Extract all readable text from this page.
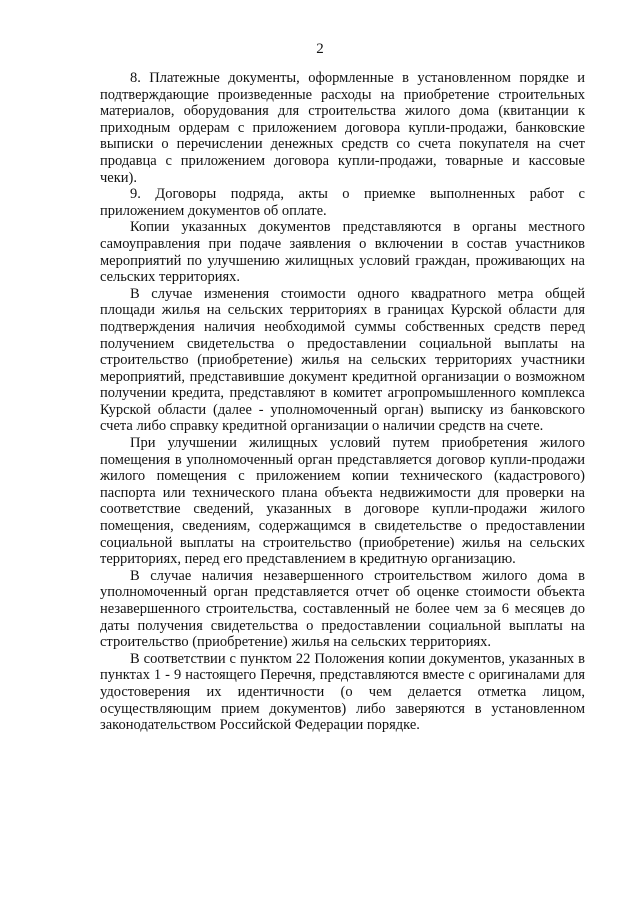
2

8. Платежные документы, оформленные в установленном порядке и подтверждающие произведенные расходы на приобретение строительных материалов, оборудования для строительства жилого дома (квитанции к приходным ордерам с приложением договора купли-продажи, банковские выписки о перечислении денежных средств со счета покупателя на счет продавца с приложением договора купли-продажи, товарные и кассовые чеки).

9. Договоры подряда, акты о приемке выполненных работ с приложением документов об оплате.

Копии указанных документов представляются в органы местного самоуправления при подаче заявления о включении в состав участников мероприятий по улучшению жилищных условий граждан, проживающих на сельских территориях.

В случае изменения стоимости одного квадратного метра общей площади жилья на сельских территориях в границах Курской области для подтверждения наличия необходимой суммы собственных средств перед получением свидетельства о предоставлении социальной выплаты на строительство (приобретение) жилья на сельских территориях участники мероприятий, представившие документ кредитной организации о возможном получении кредита, представляют в комитет агропромышленного комплекса Курской области (далее - уполномоченный орган) выписку из банковского счета либо справку кредитной организации о наличии средств на счете.

При улучшении жилищных условий путем приобретения жилого помещения в уполномоченный орган представляется договор купли-продажи жилого помещения с приложением копии технического (кадастрового) паспорта или технического плана объекта недвижимости для проверки на соответствие сведений, указанных в договоре купли-продажи жилого помещения, сведениям, содержащимся в свидетельстве о предоставлении социальной выплаты на строительство (приобретение) жилья на сельских территориях, перед его представлением в кредитную организацию.

В случае наличия незавершенного строительством жилого дома в уполномоченный орган представляется отчет об оценке стоимости объекта незавершенного строительства, составленный не более чем за 6 месяцев до даты получения свидетельства о предоставлении социальной выплаты на строительство (приобретение) жилья на сельских территориях.

В соответствии с пунктом 22 Положения копии документов, указанных в пунктах 1 - 9 настоящего Перечня, представляются вместе с оригиналами для удостоверения их идентичности (о чем делается отметка лицом, осуществляющим прием документов) либо заверяются в установленном законодательством Российской Федерации порядке.
